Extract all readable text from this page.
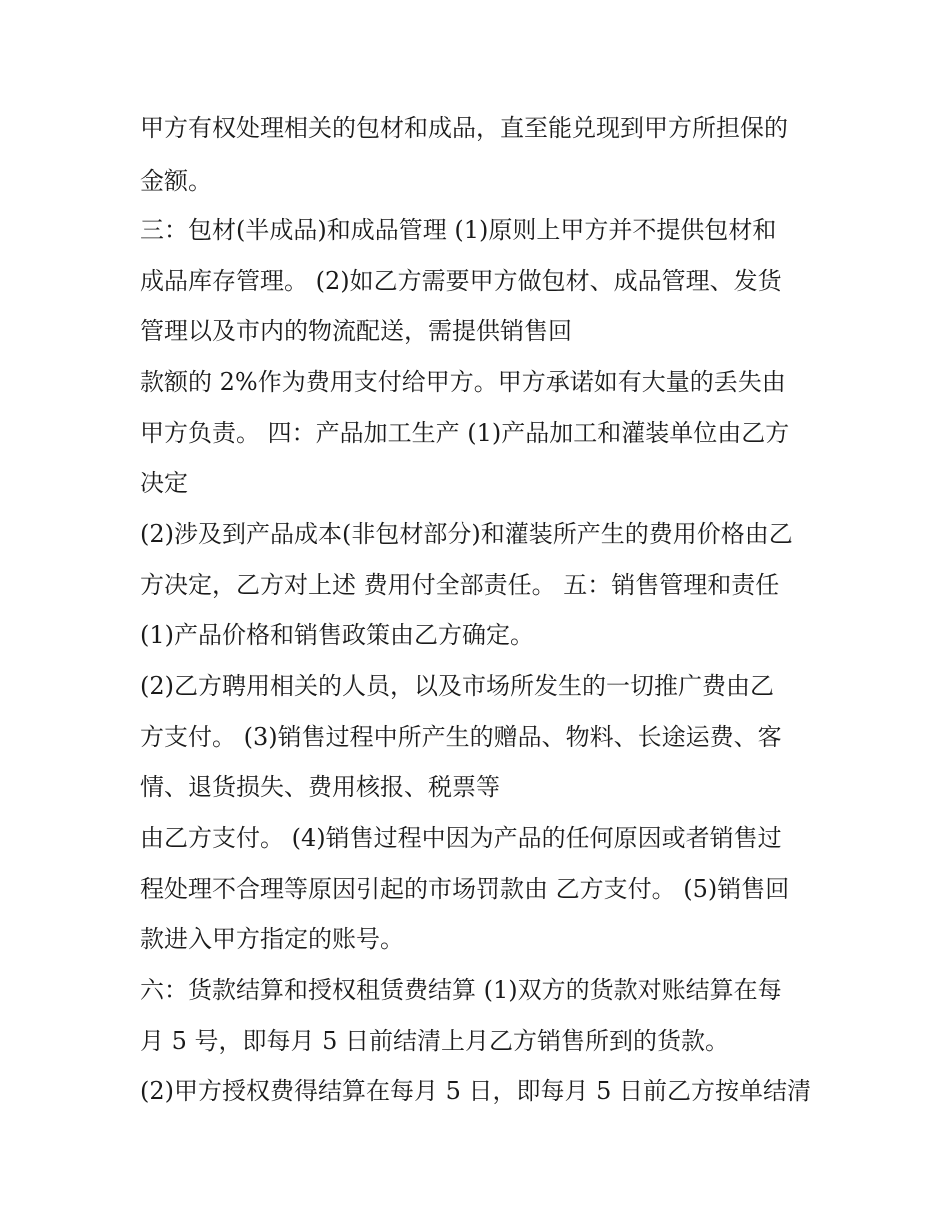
甲方有权处理相关的包材和成品，直至能兑现到甲方所担保的
金额。
三：包材(半成品)和成品管理 (1)原则上甲方并不提供包材和
成品库存管理。 (2)如乙方需要甲方做包材、成品管理、发货
管理以及市内的物流配送，需提供销售回
款额的 2%作为费用支付给甲方。甲方承诺如有大量的丢失由
甲方负责。 四：产品加工生产 (1)产品加工和灌装单位由乙方
决定
(2)涉及到产品成本(非包材部分)和灌装所产生的费用价格由乙
方决定，乙方对上述 费用付全部责任。 五：销售管理和责任
(1)产品价格和销售政策由乙方确定。
(2)乙方聘用相关的人员，以及市场所发生的一切推广费由乙
方支付。 (3)销售过程中所产生的赠品、物料、长途运费、客
情、退货损失、费用核报、税票等
由乙方支付。 (4)销售过程中因为产品的任何原因或者销售过
程处理不合理等原因引起的市场罚款由 乙方支付。 (5)销售回
款进入甲方指定的账号。
六：货款结算和授权租赁费结算 (1)双方的货款对账结算在每
月 5 号，即每月 5 日前结清上月乙方销售所到的货款。
(2)甲方授权费得结算在每月 5 日，即每月 5 日前乙方按单结清
